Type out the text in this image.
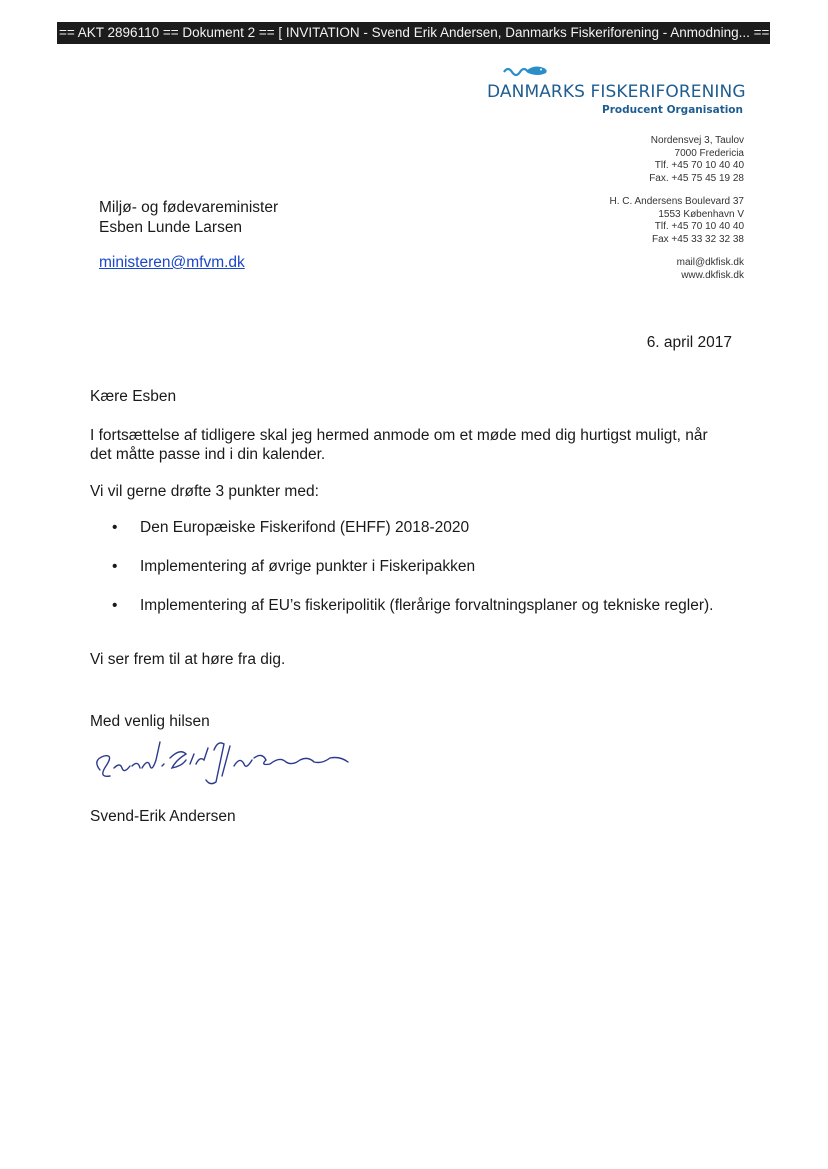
== AKT 2896110 == Dokument 2 == [ INVITATION - Svend Erik Andersen, Danmarks Fiskeriforening - Anmodning... ==
DANMARKS FISKERIFORENING
Producent Organisation
Nordensvej 3, Taulov
7000 Fredericia
Tlf. +45 70 10 40 40
Fax. +45 75 45 19 28
H. C. Andersens Boulevard 37
1553 København V
Tlf. +45 70 10 40 40
Fax +45 33 32 32 38
mail@dkfisk.dk
www.dkfisk.dk
Miljø- og fødevareminister
Esben Lunde Larsen
ministeren@mfvm.dk
6. april 2017
Kære Esben
I fortsættelse af tidligere skal jeg hermed anmode om et møde med dig hurtigst muligt, når
det måtte passe ind i din kalender.
Vi vil gerne drøfte 3 punkter med:
• Den Europæiske Fiskerifond (EHFF) 2018-2020
• Implementering af øvrige punkter i Fiskeripakken
• Implementering af EU’s fiskeripolitik (flerårige forvaltningsplaner og tekniske regler).
Vi ser frem til at høre fra dig.
Med venlig hilsen
Svend-Erik Andersen
